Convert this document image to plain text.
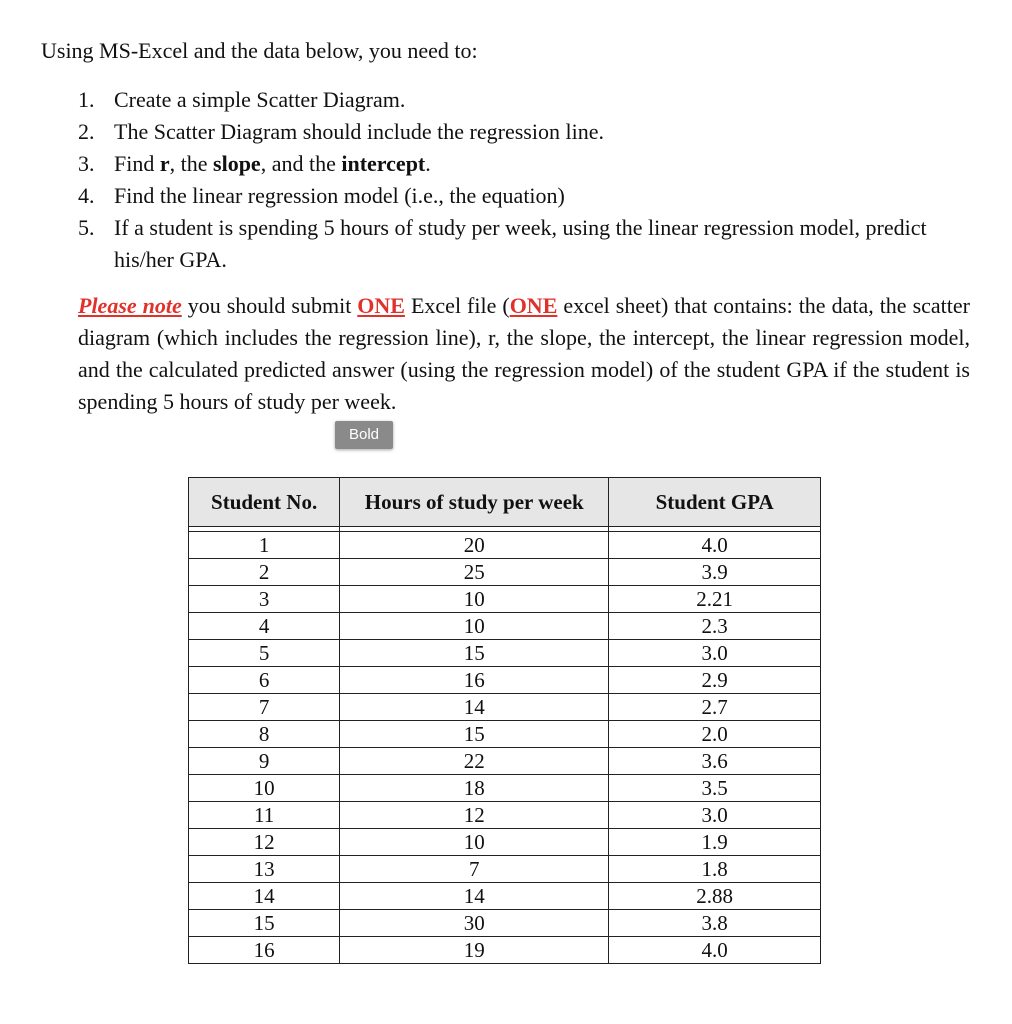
Using MS-Excel and the data below, you need to:
1. Create a simple Scatter Diagram.
2. The Scatter Diagram should include the regression line.
3. Find r, the slope, and the intercept.
4. Find the linear regression model (i.e., the equation)
5. If a student is spending 5 hours of study per week, using the linear regression model, predict his/her GPA.

Please note you should submit ONE Excel file (ONE excel sheet) that contains: the data, the scatter diagram (which includes the regression line), r, the slope, the intercept, the linear regression model, and the calculated predicted answer (using the regression model) of the student GPA if the student is spending 5 hours of study per week.

Bold
Student No.	Hours of study per week	Student GPA

1	20	4.0
2	25	3.9
3	10	2.21
4	10	2.3
5	15	3.0
6	16	2.9
7	14	2.7
8	15	2.0
9	22	3.6
10	18	3.5
11	12	3.0
12	10	1.9
13	7	1.8
14	14	2.88
15	30	3.8
16	19	4.0
